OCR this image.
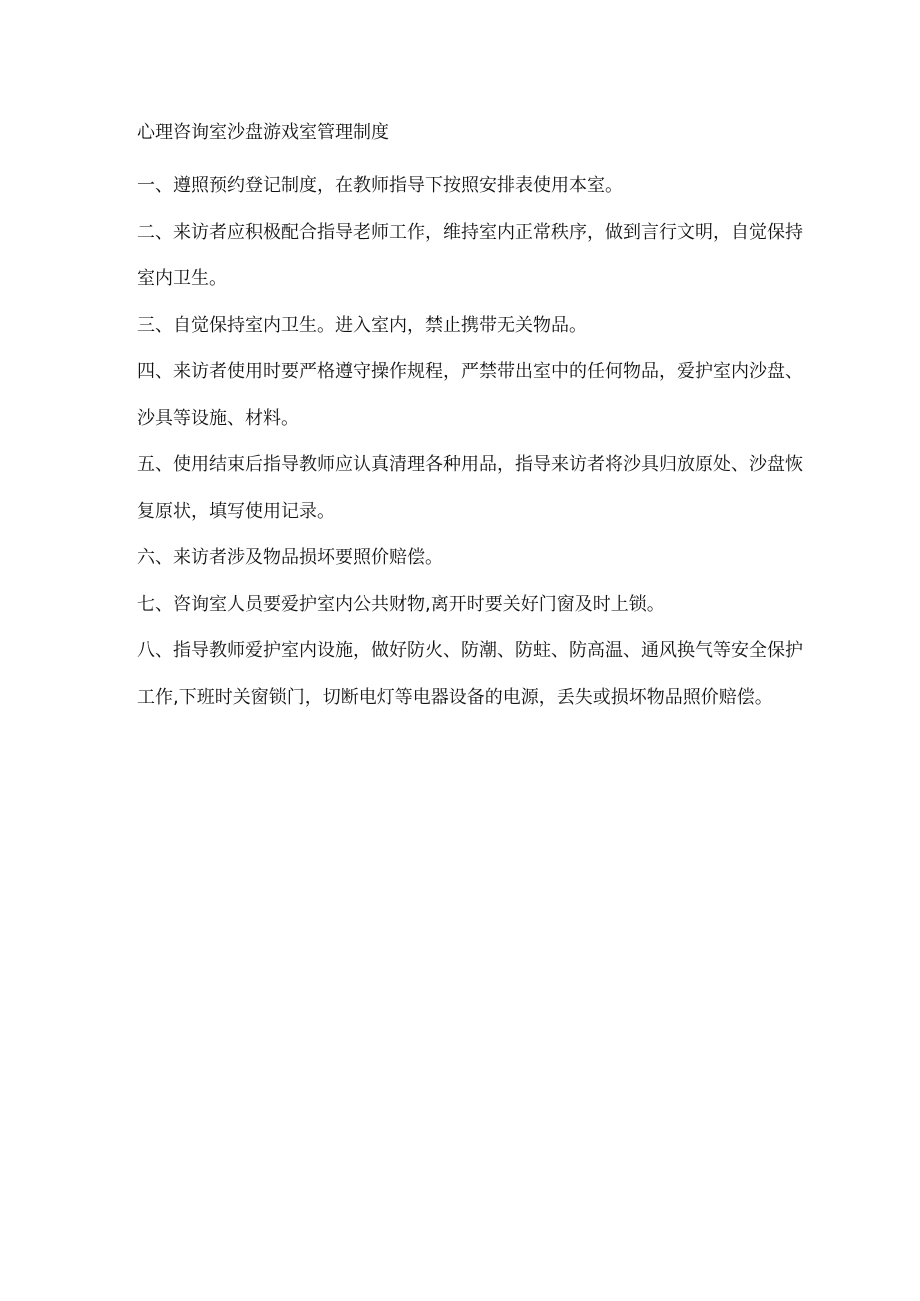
心理咨询室沙盘游戏室管理制度

一、遵照预约登记制度，在教师指导下按照安排表使用本室。

二、来访者应积极配合指导老师工作，维持室内正常秩序，做到言行文明，自觉保持室内卫生。

三、自觉保持室内卫生。进入室内，禁止携带无关物品。

四、来访者使用时要严格遵守操作规程，严禁带出室中的任何物品，爱护室内沙盘、沙具等设施、材料。

五、使用结束后指导教师应认真清理各种用品，指导来访者将沙具归放原处、沙盘恢复原状，填写使用记录。

六、来访者涉及物品损坏要照价赔偿。

七、咨询室人员要爱护室内公共财物,离开时要关好门窗及时上锁。

八、指导教师爱护室内设施，做好防火、防潮、防蛀、防高温、通风换气等安全保护工作,下班时关窗锁门，切断电灯等电器设备的电源，丢失或损坏物品照价赔偿。
